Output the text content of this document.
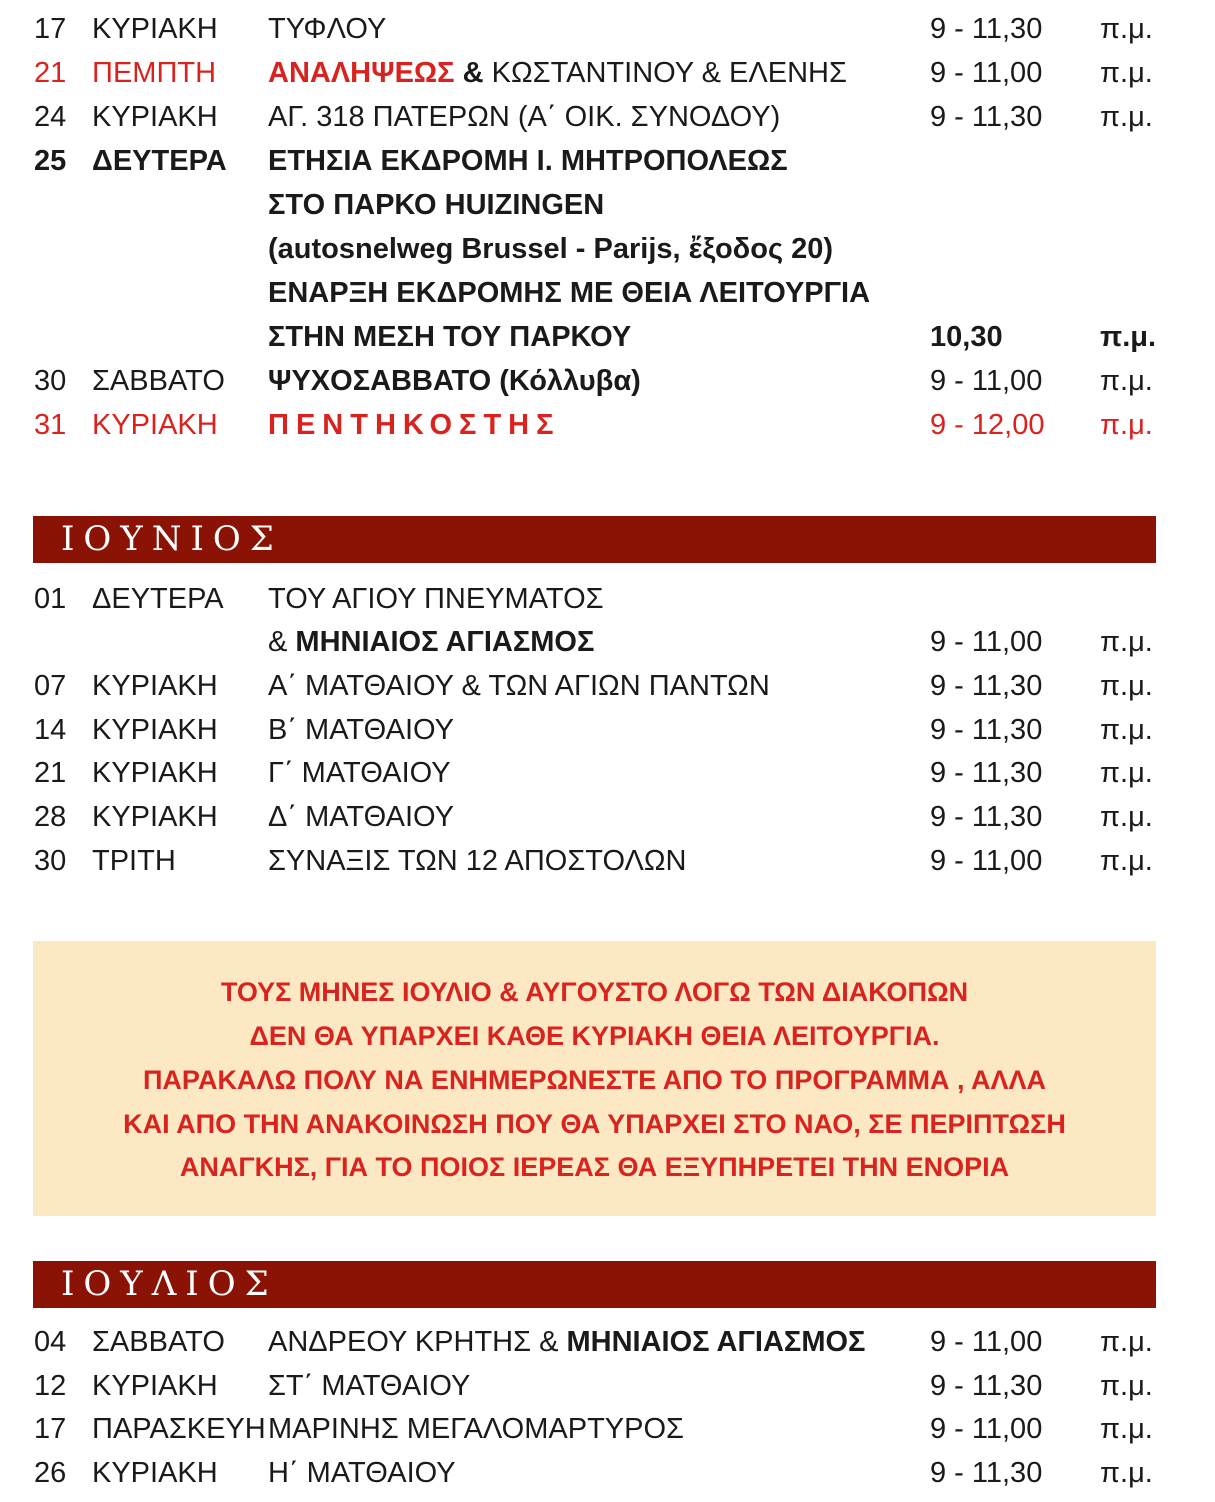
17 ΚΥΡΙΑΚΗ ΤΥΦΛΟΥ	9 - 11,30 π.μ.
21 ΠΕΜΠΤΗ ΑΝΑΛΗΨΕΩΣ & ΚΩΣΤΑΝΤΙΝΟΥ & ΕΛΕΝΗΣ	9 - 11,00 π.μ.
24 ΚΥΡΙΑΚΗ ΑΓ. 318 ΠΑΤΕΡΩΝ (Α΄ ΟΙΚ. ΣΥΝΟΔΟΥ)	9 - 11,30 π.μ.
25 ΔΕΥΤΕΡΑ ΕΤΗΣΙΑ ΕΚΔΡΟΜΗ Ι. ΜΗΤΡΟΠΟΛΕΩΣ
ΣΤΟ ΠΑΡΚΟ HUIZINGEN
(autosnelweg Brussel - Parijs, ἔξοδος 20)
ΕΝΑΡΞΗ ΕΚΔΡΟΜΗΣ ΜΕ ΘΕΙΑ ΛΕΙΤΟΥΡΓΙΑ
ΣΤΗΝ ΜΕΣΗ ΤΟΥ ΠΑΡΚΟΥ	10,30	π.μ.
30 ΣΑΒΒΑΤΟ ΨΥΧΟΣΑΒΒΑΤΟ (Κόλλυβα)	9 - 11,00 π.μ.
31 ΚΥΡΙΑΚΗ ΠΕΝΤΗΚΟΣΤΗΣ	9 - 12,00 π.μ.
ΙΟΥΝΙΟΣ
01 ΔΕΥΤΕΡΑ ΤΟΥ ΑΓΙΟΥ ΠΝΕΥΜΑΤΟΣ
& ΜΗΝΙΑΙΟΣ ΑΓΙΑΣΜΟΣ	9 - 11,00 π.μ.
07 ΚΥΡΙΑΚΗ Α΄ ΜΑΤΘΑΙΟΥ & ΤΩΝ ΑΓΙΩΝ ΠΑΝΤΩΝ	9 - 11,30 π.μ.
14 ΚΥΡΙΑΚΗ Β΄ ΜΑΤΘΑΙΟΥ	9 - 11,30 π.μ.
21 ΚΥΡΙΑΚΗ Γ΄ ΜΑΤΘΑΙΟΥ	9 - 11,30 π.μ.
28 ΚΥΡΙΑΚΗ Δ΄ ΜΑΤΘΑΙΟΥ	9 - 11,30 π.μ.
30 ΤΡΙΤΗ	ΣΥΝΑΞΙΣ ΤΩΝ 12 ΑΠΟΣΤΟΛΩΝ	9 - 11,00 π.μ.
ΤΟΥΣ ΜΗΝΕΣ ΙΟΥΛΙΟ & ΑΥΓΟΥΣΤΟ ΛΟΓΩ ΤΩΝ ΔΙΑΚΟΠΩΝ
ΔΕΝ ΘΑ ΥΠΑΡΧΕΙ ΚΑΘΕ ΚΥΡΙΑΚΗ ΘΕΙΑ ΛΕΙΤΟΥΡΓΙΑ.
ΠΑΡΑΚΑΛΩ ΠΟΛΥ ΝΑ ΕΝΗΜΕΡΩΝΕΣΤΕ ΑΠΟ ΤΟ ΠΡΟΓΡΑΜΜΑ , ΑΛΛΑ
ΚΑΙ ΑΠΟ ΤΗΝ ΑΝΑΚΟΙΝΩΣΗ ΠΟΥ ΘΑ ΥΠΑΡΧΕΙ ΣΤΟ ΝΑΟ, ΣΕ ΠΕΡΙΠΤΩΣΗ
ΑΝΑΓΚΗΣ, ΓΙΑ ΤΟ ΠΟΙΟΣ ΙΕΡΕΑΣ ΘΑ ΕΞΥΠΗΡΕΤΕΙ ΤΗΝ ΕΝΟΡΙΑ
ΙΟΥΛΙΟΣ
04 ΣΑΒΒΑΤΟ ΑΝΔΡΕΟΥ ΚΡΗΤΗΣ & ΜΗΝΙΑΙΟΣ ΑΓΙΑΣΜΟΣ 9 - 11,00 π.μ.
12 ΚΥΡΙΑΚΗ ΣΤ΄ ΜΑΤΘΑΙΟΥ	9 - 11,30 π.μ.
17 ΠΑΡΑΣΚΕΥΗ ΜΑΡΙΝΗΣ ΜΕΓΑΛΟΜΑΡΤΥΡΟΣ	9 - 11,00 π.μ.
26 ΚΥΡΙΑΚΗ Η΄ ΜΑΤΘΑΙΟΥ	9 - 11,30 π.μ.
